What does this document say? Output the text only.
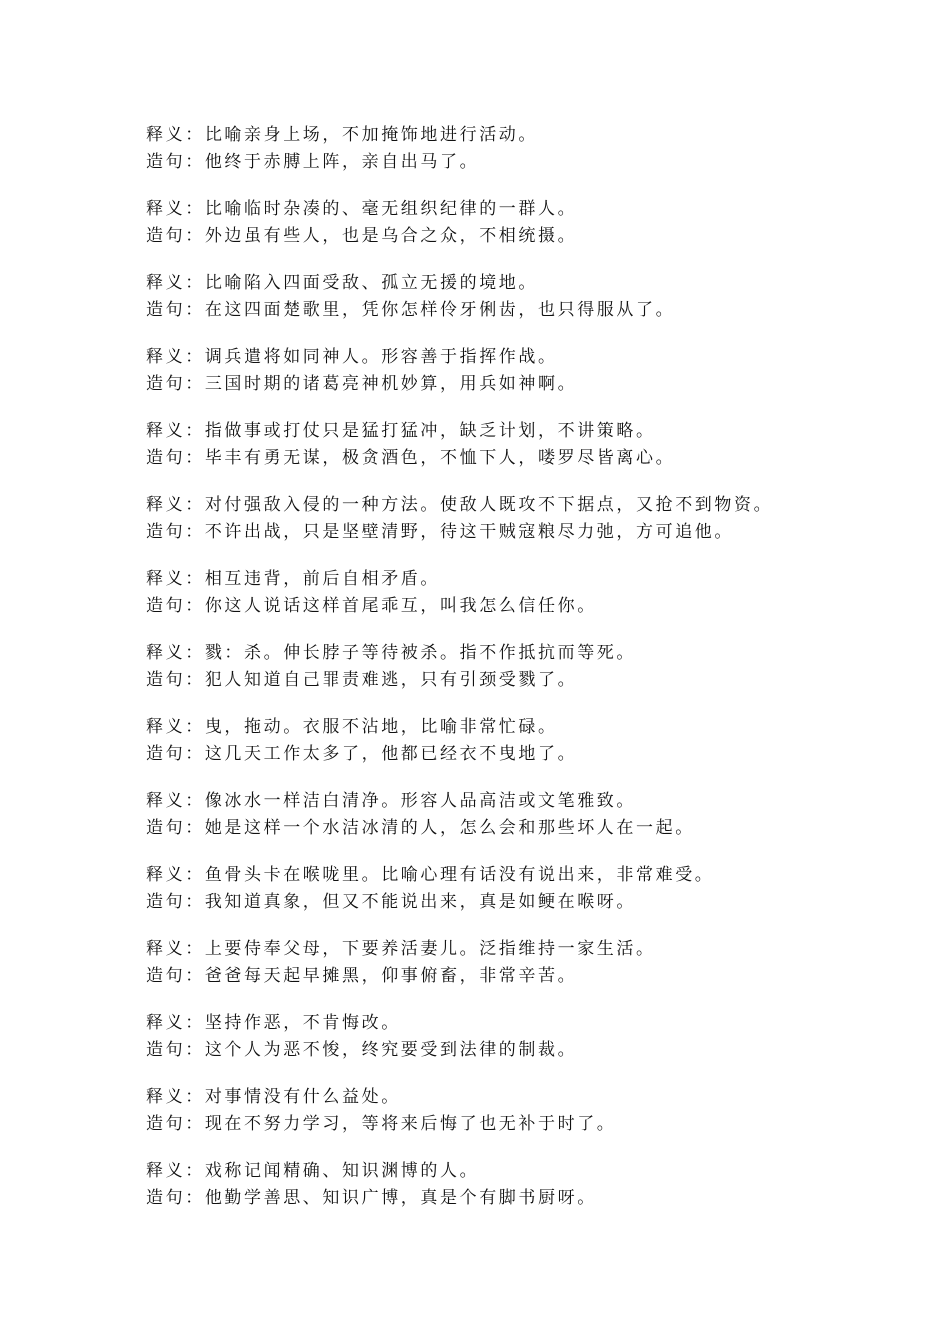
释义：比喻亲身上场，不加掩饰地进行活动。
造句：他终于赤膊上阵，亲自出马了。
释义：比喻临时杂凑的、毫无组织纪律的一群人。
造句：外边虽有些人，也是乌合之众，不相统摄。
释义：比喻陷入四面受敌、孤立无援的境地。
造句：在这四面楚歌里，凭你怎样伶牙俐齿，也只得服从了。
释义：调兵遣将如同神人。形容善于指挥作战。
造句：三国时期的诸葛亮神机妙算，用兵如神啊。
释义：指做事或打仗只是猛打猛冲，缺乏计划，不讲策略。
造句：毕丰有勇无谋，极贪酒色，不恤下人，喽罗尽皆离心。
释义：对付强敌入侵的一种方法。使敌人既攻不下据点，又抢不到物资。
造句：不许出战，只是坚壁清野，待这干贼寇粮尽力弛，方可追他。
释义：相互违背，前后自相矛盾。
造句：你这人说话这样首尾乖互，叫我怎么信任你。
释义：戮：杀。伸长脖子等待被杀。指不作抵抗而等死。
造句：犯人知道自己罪责难逃，只有引颈受戮了。
释义：曳，拖动。衣服不沾地，比喻非常忙碌。
造句：这几天工作太多了，他都已经衣不曳地了。
释义：像冰水一样洁白清净。形容人品高洁或文笔雅致。
造句：她是这样一个水洁冰清的人，怎么会和那些坏人在一起。
释义：鱼骨头卡在喉咙里。比喻心理有话没有说出来，非常难受。
造句：我知道真象，但又不能说出来，真是如鲠在喉呀。
释义：上要侍奉父母，下要养活妻儿。泛指维持一家生活。
造句：爸爸每天起早摊黑，仰事俯畜，非常辛苦。
释义：坚持作恶，不肯悔改。
造句：这个人为恶不悛，终究要受到法律的制裁。
释义：对事情没有什么益处。
造句：现在不努力学习，等将来后悔了也无补于时了。
释义：戏称记闻精确、知识渊博的人。
造句：他勤学善思、知识广博，真是个有脚书厨呀。
